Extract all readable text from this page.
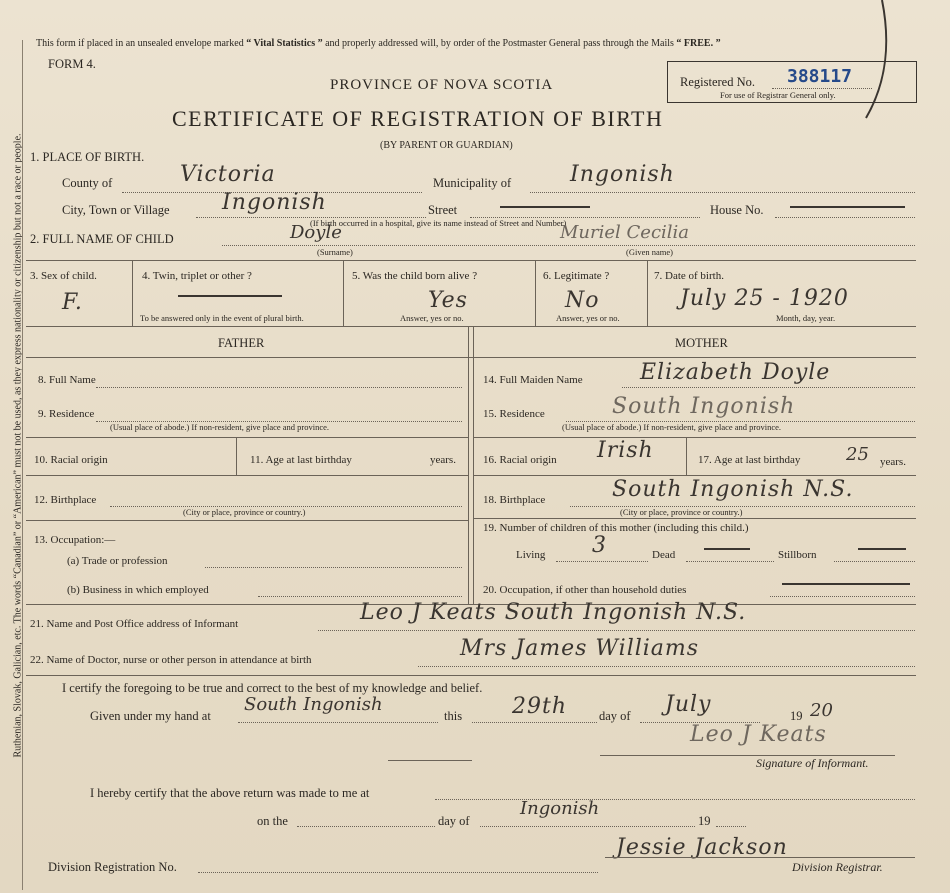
Ruthenian, Slovak, Galician, etc. The words “Canadian” or “American” must not be used, as they express nationality or citizenship but not a race or people.
This form if placed in an unsealed envelope marked “ Vital Statistics ” and properly addressed will, by order of the Postmaster General pass through the Mails “ FREE. ”
FORM 4.
PROVINCE OF NOVA SCOTIA
CERTIFICATE OF REGISTRATION OF BIRTH
(BY PARENT OR GUARDIAN)
Registered No. 388117
For use of Registrar General only.
1. PLACE OF BIRTH.
County of	Victoria	Municipality of	Ingonish
City, Town or Village Ingonish	Street
(If birth occurred in a hospital, give its name instead of Street and Number)
House No.
2. FULL NAME OF CHILD	Doyle
(Surname)
Muriel Cecilia
(Given name)
3. Sex of child.
F.
4. Twin, triplet or other ?
To be answered only in the event of plural birth.
5. Was the child born alive ?
Yes
Answer, yes or no.
6. Legitimate ?
No
Answer, yes or no.
7. Date of birth.
July 25 - 1920
Month, day, year.
FATHER	MOTHER
8. Full Name
9. Residence
(Usual place of abode.) If non-resident, give place and province.
10. Racial origin	11. Age at last birthday	years.
12. Birthplace
(City or place, province or country.)
13. Occupation:—
(a) Trade or profession
(b) Business in which employed
14. Full Maiden Name	Elizabeth Doyle
15. Residence	South Ingonish
(Usual place of abode.) If non-resident, give place and province.
16. Racial origin Irish	17. Age at last birthday	25 years.
18. Birthplace	South Ingonish N.S.
(City or place, province or country.)
19. Number of children of this mother (including this child.)
Living 3	Dead	Stillborn
20. Occupation, if other than household duties
21. Name and Post Office address of Informant	Leo J Keats South Ingonish N.S.
22. Name of Doctor, nurse or other person in attendance at birth	Mrs James Williams
I certify the foregoing to be true and correct to the best of my knowledge and belief.
Given under my hand at
South Ingonish
this 29th	day of July	19 20
Leo J Keats
Signature of Informant.
I hereby certify that the above return was made to me at
Ingonish
on the	day of	19
Jessie Jackson
Division Registration No.	Division Registrar.
